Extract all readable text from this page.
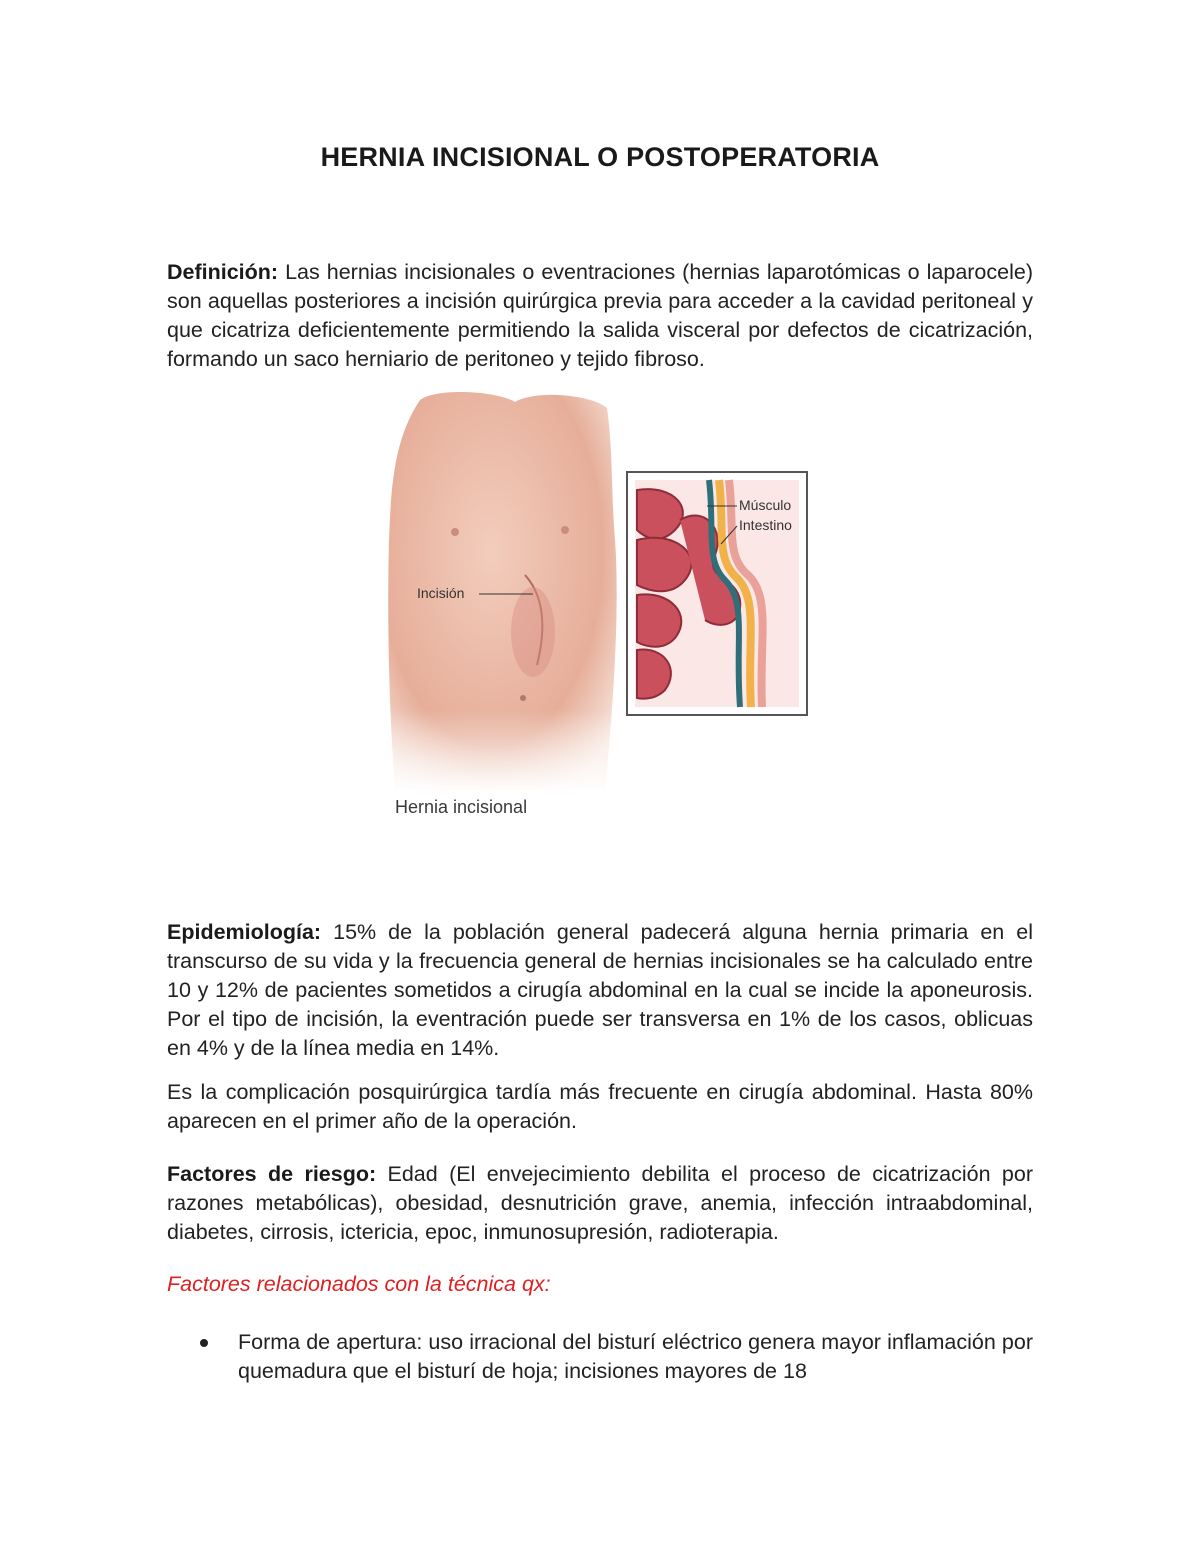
HERNIA INCISIONAL O POSTOPERATORIA
Definición: Las hernias incisionales o eventraciones (hernias laparotómicas o laparocele) son aquellas posteriores a incisión quirúrgica previa para acceder a la cavidad peritoneal y que cicatriza deficientemente permitiendo la salida visceral por defectos de cicatrización, formando un saco herniario de peritoneo y tejido fibroso.
Incisión
Músculo
Intestino
Hernia incisional
Epidemiología: 15% de la población general padecerá alguna hernia primaria en el transcurso de su vida y la frecuencia general de hernias incisionales se ha calculado entre 10 y 12% de pacientes sometidos a cirugía abdominal en la cual se incide la aponeurosis. Por el tipo de incisión, la eventración puede ser transversa en 1% de los casos, oblicuas en 4% y de la línea media en 14%.
Es la complicación posquirúrgica tardía más frecuente en cirugía abdominal. Hasta 80% aparecen en el primer año de la operación.
Factores de riesgo: Edad (El envejecimiento debilita el proceso de cicatrización por razones metabólicas), obesidad, desnutrición grave, anemia, infección intraabdominal, diabetes, cirrosis, ictericia, epoc, inmunosupresión, radioterapia.
Factores relacionados con la técnica qx:
Forma de apertura: uso irracional del bisturí eléctrico genera mayor inflamación por quemadura que el bisturí de hoja; incisiones mayores de 18
